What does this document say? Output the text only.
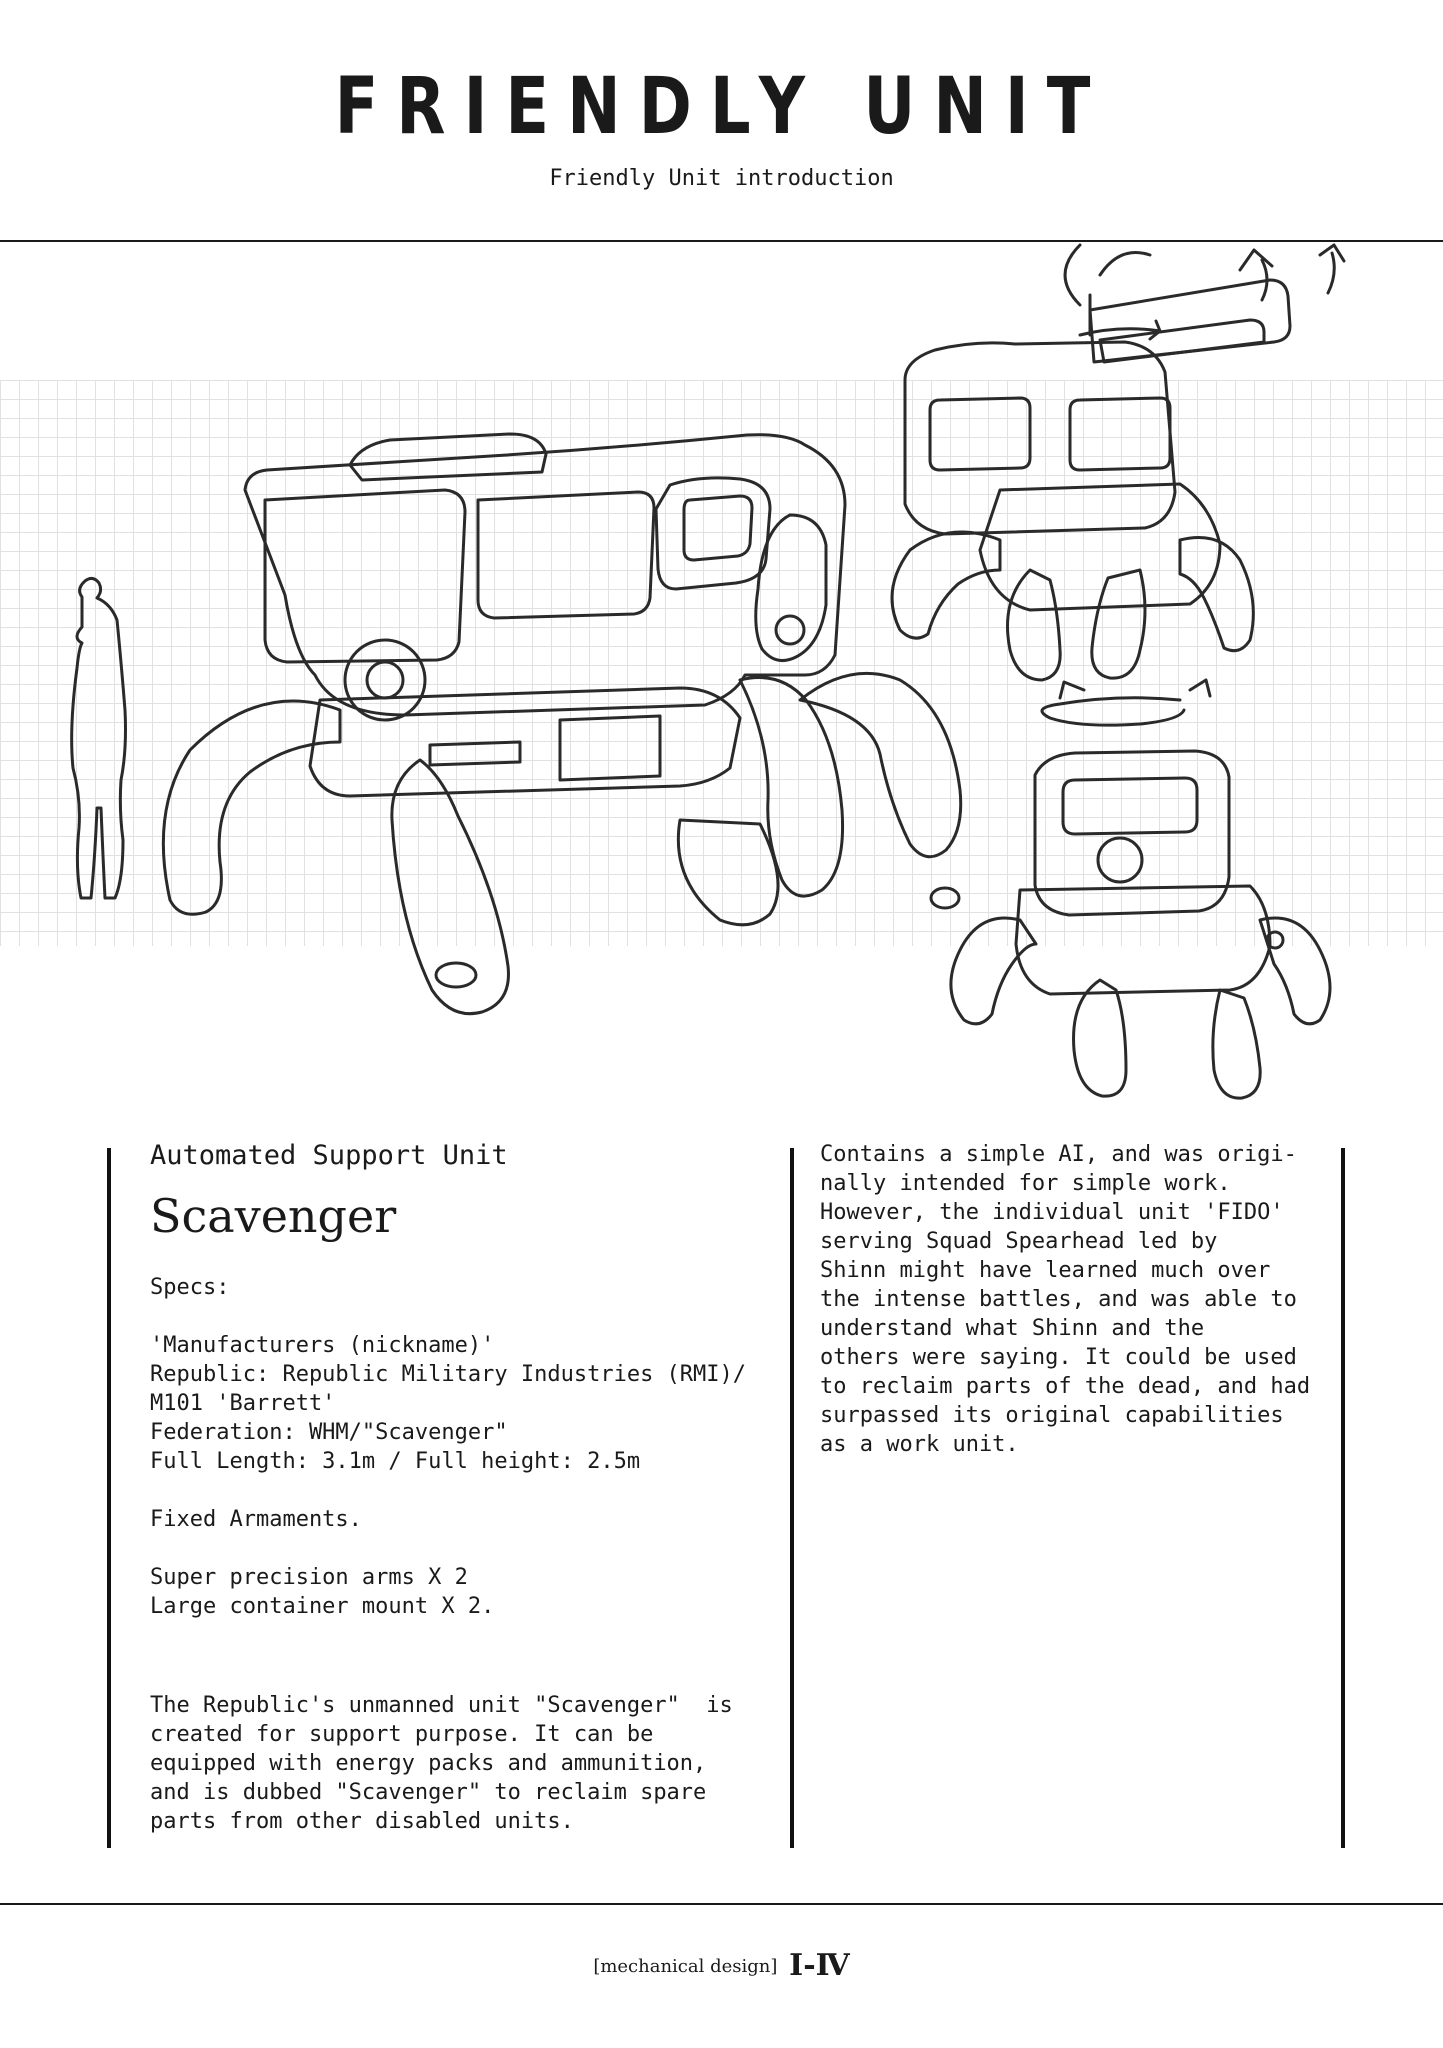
FRIENDLY UNIT

Friendly Unit introduction

Automated Support Unit

Scavenger

Specs:

'Manufacturers (nickname)'
Republic: Republic Military Industries (RMI)/
M101 'Barrett'
Federation: WHM/"Scavenger"
Full Length: 3.1m / Full height: 2.5m

Fixed Armaments.

Super precision arms X 2
Large container mount X 2.

The Republic's unmanned unit "Scavenger"  is
created for support purpose. It can be
equipped with energy packs and ammunition,
and is dubbed "Scavenger" to reclaim spare
parts from other disabled units.

Contains a simple AI, and was origi-
nally intended for simple work.
However, the individual unit 'FIDO'
serving Squad Spearhead led by
Shinn might have learned much over
the intense battles, and was able to
understand what Shinn and the
others were saying. It could be used
to reclaim parts of the dead, and had
surpassed its original capabilities
as a work unit.

[mechanical design] I-Ⅳ
